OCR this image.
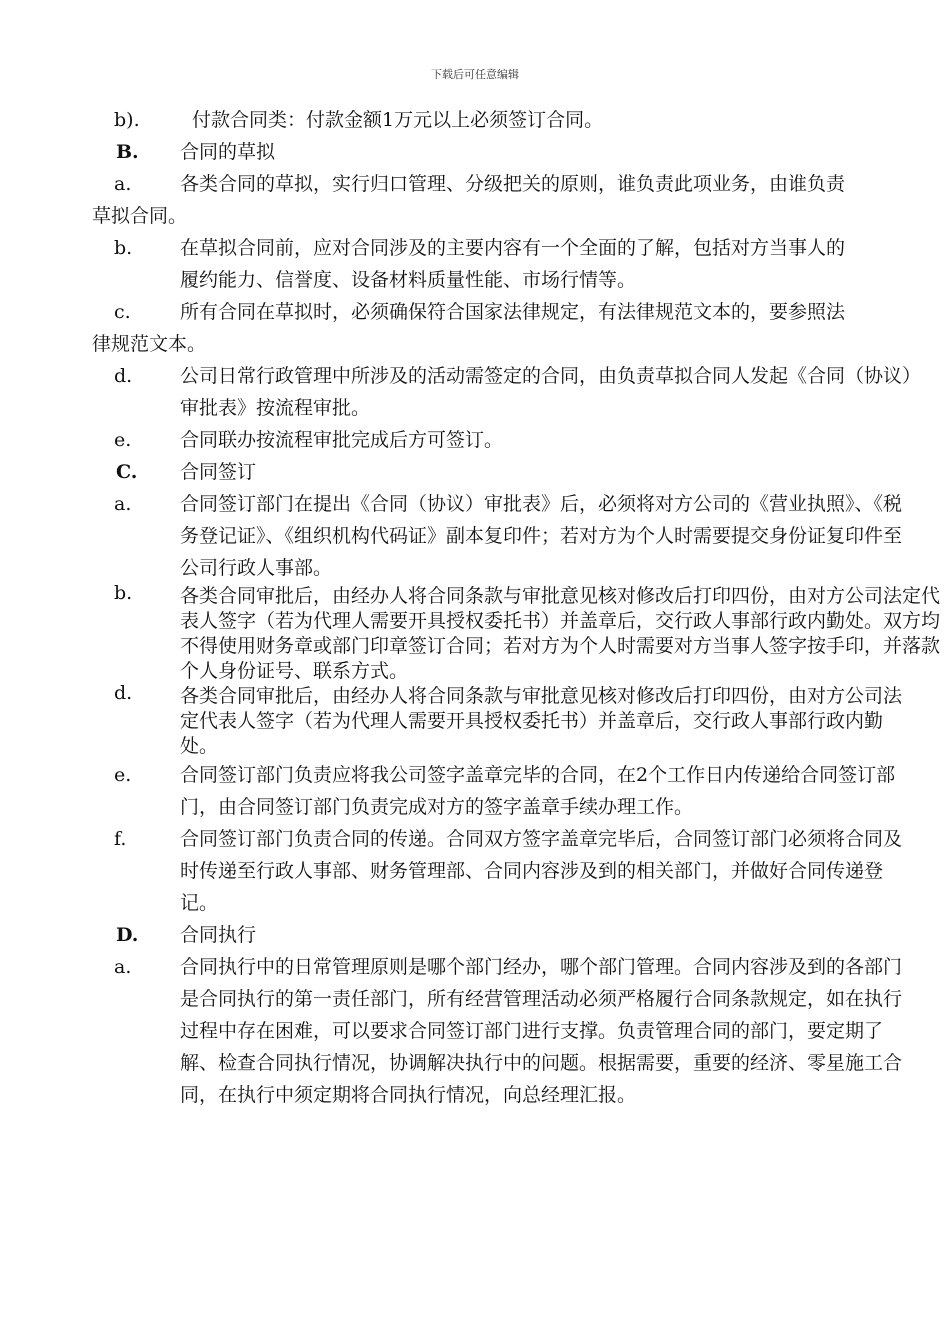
下载后可任意编辑
b).	付款合同类：付款金额1万元以上必须签订合同。
B.	合同的草拟
a.	各类合同的草拟，实行归口管理、分级把关的原则，谁负责此项业务，由谁负责草拟合同。
b.	在草拟合同前，应对合同涉及的主要内容有一个全面的了解，包括对方当事人的履约能力、信誉度、设备材料质量性能、市场行情等。
c.	所有合同在草拟时，必须确保符合国家法律规定，有法律规范文本的，要参照法律规范文本。
d.	公司日常行政管理中所涉及的活动需签定的合同，由负责草拟合同人发起《合同（协议）审批表》按流程审批。
e.	合同联办按流程审批完成后方可签订。
C.	合同签订
a.	合同签订部门在提出《合同（协议）审批表》后，必须将对方公司的《营业执照》、《税务登记证》、《组织机构代码证》副本复印件；若对方为个人时需要提交身份证复印件至公司行政人事部。
b.	各类合同审批后，由经办人将合同条款与审批意见核对修改后打印四份，由对方公司法定代表人签字（若为代理人需要开具授权委托书）并盖章后，交行政人事部行政内勤处。双方均不得使用财务章或部门印章签订合同；若对方为个人时需要对方当事人签字按手印，并落款个人身份证号、联系方式。
d.	各类合同审批后，由经办人将合同条款与审批意见核对修改后打印四份，由对方公司法定代表人签字（若为代理人需要开具授权委托书）并盖章后，交行政人事部行政内勤处。
e.	合同签订部门负责应将我公司签字盖章完毕的合同，在2个工作日内传递给合同签订部门，由合同签订部门负责完成对方的签字盖章手续办理工作。
f.	合同签订部门负责合同的传递。合同双方签字盖章完毕后，合同签订部门必须将合同及时传递至行政人事部、财务管理部、合同内容涉及到的相关部门，并做好合同传递登记。
D.	合同执行
a.	合同执行中的日常管理原则是哪个部门经办，哪个部门管理。合同内容涉及到的各部门是合同执行的第一责任部门，所有经营管理活动必须严格履行合同条款规定，如在执行过程中存在困难，可以要求合同签订部门进行支撑。负责管理合同的部门，要定期了解、检查合同执行情况，协调解决执行中的问题。根据需要，重要的经济、零星施工合同，在执行中须定期将合同执行情况，向总经理汇报。
